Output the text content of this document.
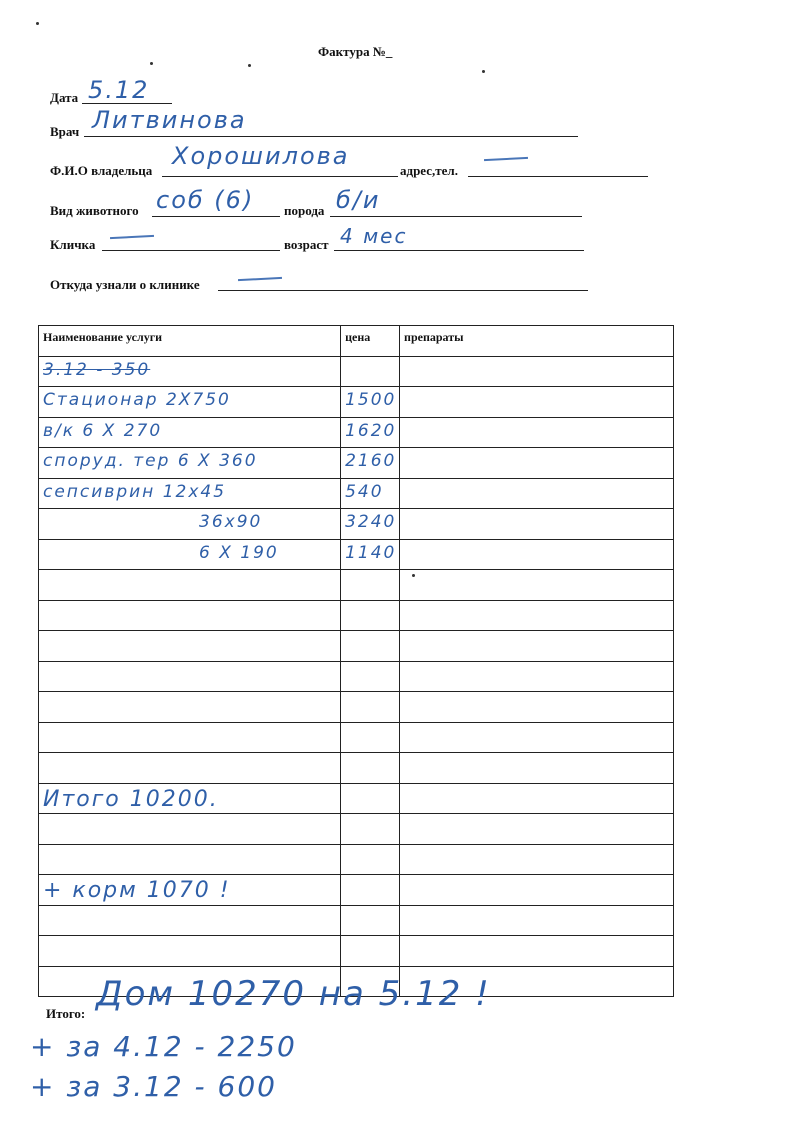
Фактура №_
Дата 5.12
Врач Литвинова
Ф.И.О владельца
Хорошилова
адрес,тел.
Вид животного соб (6) порода б/и
Кличка	возраст 4 мес
Откуда узнали о клинике
Наименование услуги	цена	препараты

3.12 - 350		

Стационар 2Х750	1500	

в/к 6 Х 270	1620	

споруд. тер 6 Х 360	2160	

сепсиврин 12х45	540	

36х90	3240	

6 Х 190	1140	

Итого 10200.		

+ корм 1070 !		

Итого: Дом 10270 на 5.12 !
+ за 4.12 - 2250
+ за 3.12 - 600
